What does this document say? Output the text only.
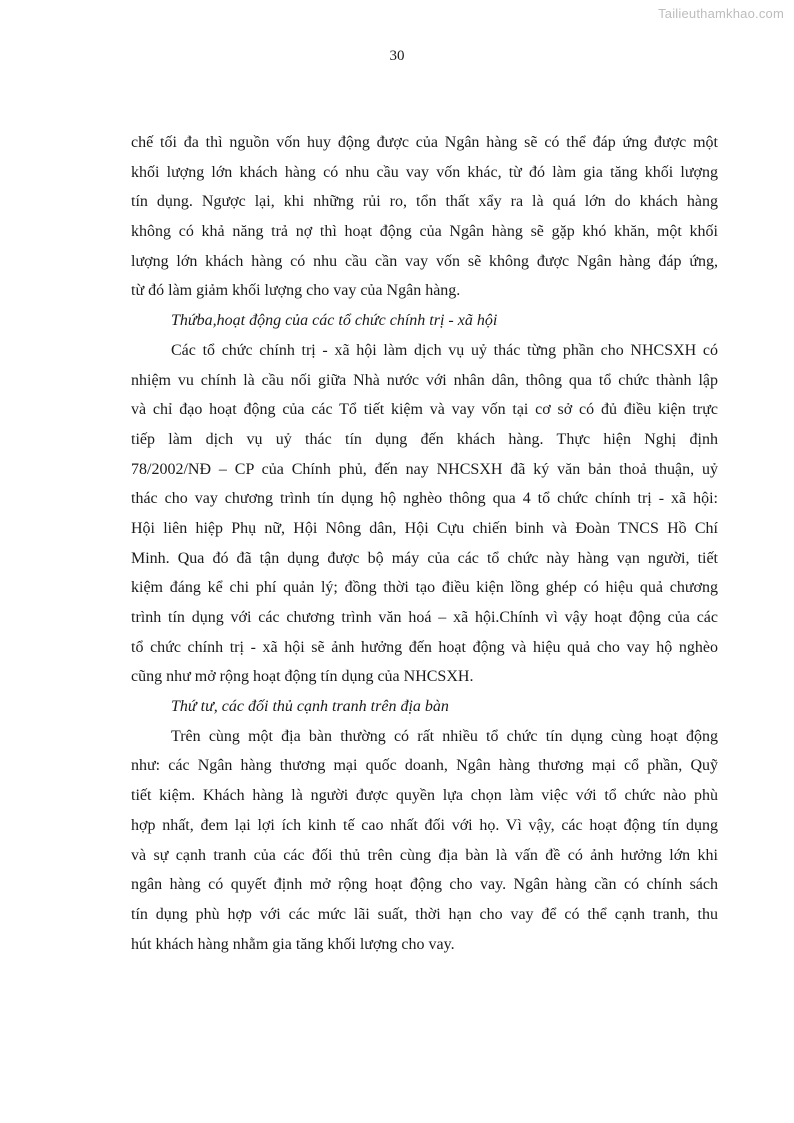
Tailieuthamkhao.com
30
chế tối đa thì nguồn vốn huy động được của Ngân hàng sẽ có thể đáp ứng được một
khối lượng lớn khách hàng có nhu cầu vay vốn khác, từ đó làm gia tăng khối lượng
tín dụng. Ngược lại, khi những rủi ro, tổn thất xẩy ra là quá lớn do khách hàng
không có khả năng trả nợ thì hoạt động của Ngân hàng sẽ gặp khó khăn, một khối
lượng lớn khách hàng có nhu cầu cần vay vốn sẽ không được Ngân hàng đáp ứng,
từ đó làm giảm khối lượng cho vay của Ngân hàng.
Thứba,hoạt động của các tổ chức chính trị - xã hội
Các tổ chức chính trị - xã hội làm dịch vụ uỷ thác từng phần cho NHCSXH có
nhiệm vu chính là cầu nối giữa Nhà nước với nhân dân, thông qua tổ chức thành lập
và chỉ đạo hoạt động của các Tổ tiết kiệm và vay vốn tại cơ sở có đủ điều kiện trực
tiếp làm dịch vụ uỷ thác tín dụng đến khách hàng. Thực hiện Nghị định
78/2002/NĐ – CP của Chính phủ, đến nay NHCSXH đã ký văn bản thoả thuận, uỷ
thác cho vay chương trình tín dụng hộ nghèo thông qua 4 tổ chức chính trị - xã hội:
Hội liên hiệp Phụ nữ, Hội Nông dân, Hội Cựu chiến binh và Đoàn TNCS Hồ Chí
Minh. Qua đó đã tận dụng được bộ máy của các tổ chức này hàng vạn người, tiết
kiệm đáng kể chi phí quản lý; đồng thời tạo điều kiện lồng ghép có hiệu quả chương
trình tín dụng với các chương trình văn hoá – xã hội.Chính vì vậy hoạt động của các
tổ chức chính trị - xã hội sẽ ảnh hưởng đến hoạt động và hiệu quả cho vay hộ nghèo
cũng như mở rộng hoạt động tín dụng của NHCSXH.
Thứ tư, các đối thủ cạnh tranh trên địa bàn
Trên cùng một địa bàn thường có rất nhiều tổ chức tín dụng cùng hoạt động
như: các Ngân hàng thương mại quốc doanh, Ngân hàng thương mại cổ phần, Quỹ
tiết kiệm. Khách hàng là người được quyền lựa chọn làm việc với tổ chức nào phù
hợp nhất, đem lại lợi ích kinh tế cao nhất đối với họ. Vì vậy, các hoạt động tín dụng
và sự cạnh tranh của các đối thủ trên cùng địa bàn là vấn đề có ảnh hưởng lớn khi
ngân hàng có quyết định mở rộng hoạt động cho vay. Ngân hàng cần có chính sách
tín dụng phù hợp với các mức lãi suất, thời hạn cho vay để có thể cạnh tranh, thu
hút khách hàng nhằm gia tăng khối lượng cho vay.
